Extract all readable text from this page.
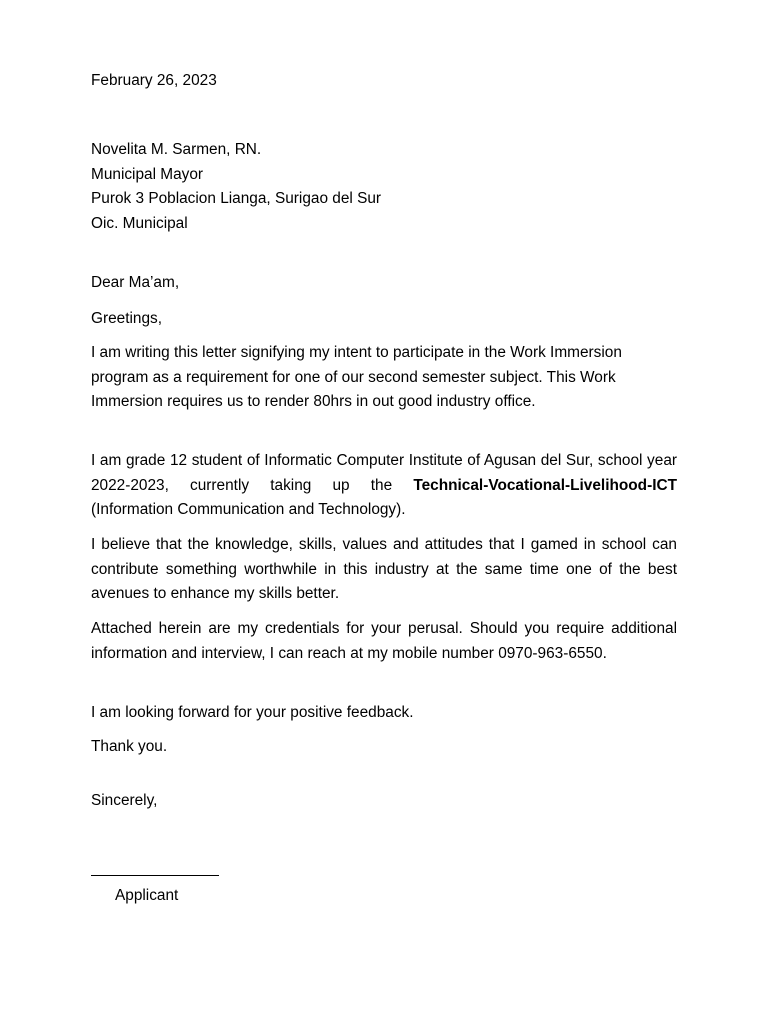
February 26, 2023
Novelita M. Sarmen, RN.
Municipal Mayor
Purok 3 Poblacion Lianga, Surigao del Sur
Oic. Municipal
Dear Ma’am,
Greetings,
I am writing this letter signifying my intent to participate in the Work Immersion program as a requirement for one of our second semester subject. This Work Immersion requires us to render 80hrs in out good industry office.
I am grade 12 student of Informatic Computer Institute of Agusan del Sur, school year 2022-2023, currently taking up the Technical-Vocational-Livelihood-ICT (Information Communication and Technology).
I believe that the knowledge, skills, values and attitudes that I gamed in school can contribute something worthwhile in this industry at the same time one of the best avenues to enhance my skills better.
Attached herein are my credentials for your perusal. Should you require additional information and interview, I can reach at my mobile number 0970-963-6550.
I am looking forward for your positive feedback.
Thank you.
Sincerely,
Applicant
